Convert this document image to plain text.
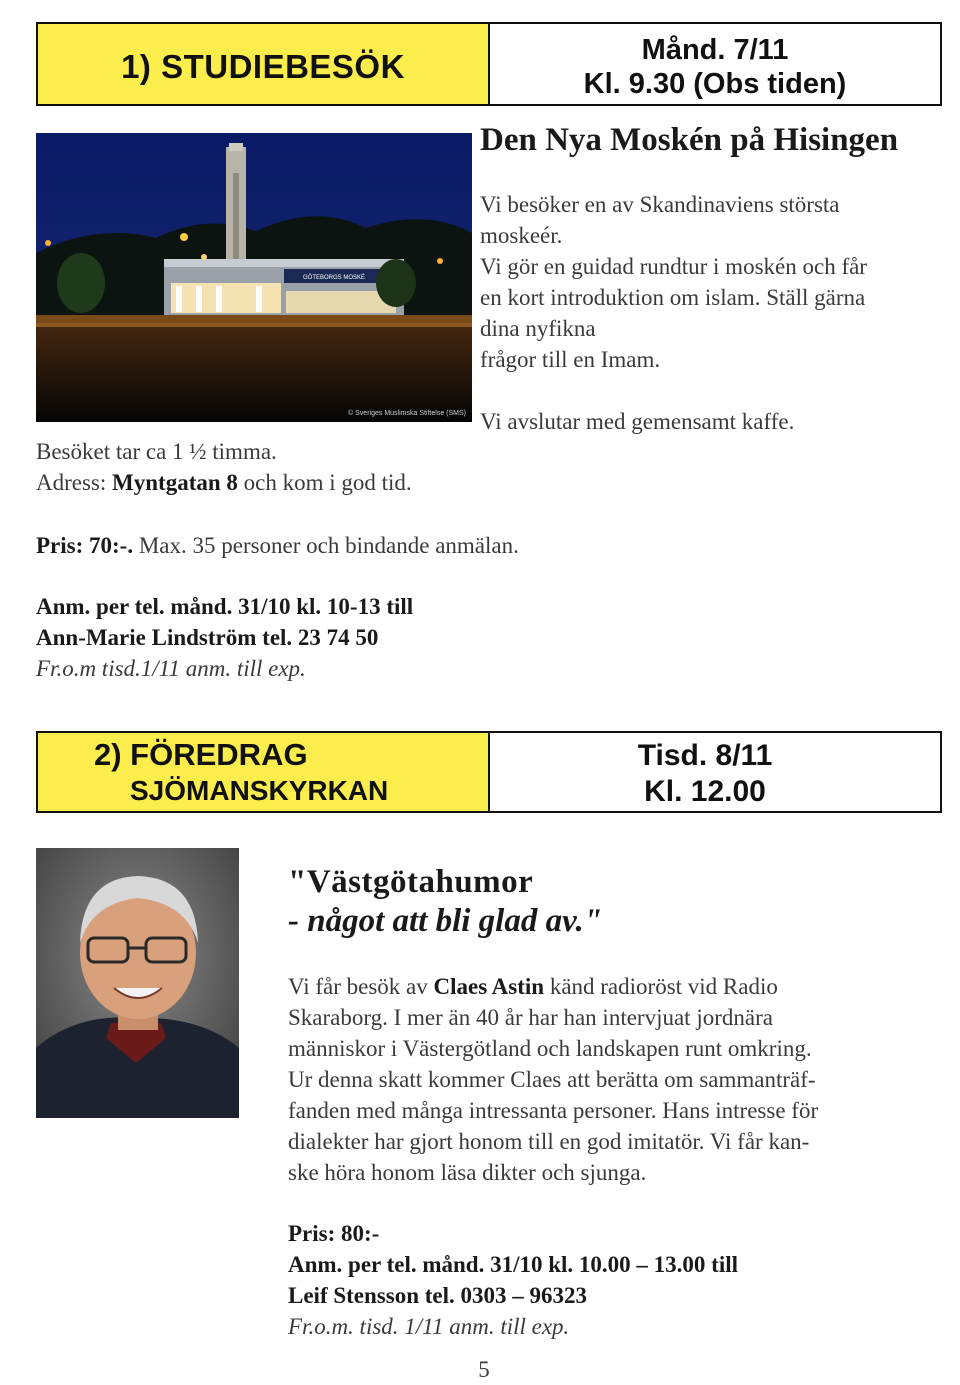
1) STUDIEBESÖK	Månd. 7/11
Kl. 9.30 (Obs tiden)
GÖTEBORGS MOSKÉ
© Sveriges Muslimska Stiftelse (SMS)
Den Nya Moskén på Hisingen
Vi besöker en av Skandinaviens största
moskeér.
Vi gör en guidad rundtur i moskén och får
en kort introduktion om islam. Ställ gärna
dina nyfikna
frågor till en Imam.
Vi avslutar med gemensamt kaffe.
Besöket tar ca 1 ½ timma.
Adress: Myntgatan 8 och kom i god tid.
Pris: 70:-. Max. 35 personer och bindande anmälan.
Anm. per tel. månd. 31/10 kl. 10-13 till
Ann-Marie Lindström tel. 23 74 50
Fr.o.m tisd.1/11 anm. till exp.
2) FÖREDRAG
SJÖMANSKYRKAN
Tisd. 8/11
Kl. 12.00
"Västgötahumor
- något att bli glad av."
Vi får besök av Claes Astin känd radioröst vid Radio
Skaraborg. I mer än 40 år har han intervjuat jordnära
människor i Västergötland och landskapen runt omkring.
Ur denna skatt kommer Claes att berätta om sammanträf-
fanden med många intressanta personer. Hans intresse för
dialekter har gjort honom till en god imitatör. Vi får kan-
ske höra honom läsa dikter och sjunga.
Pris: 80:-
Anm. per tel. månd. 31/10 kl. 10.00 – 13.00 till
Leif Stensson tel. 0303 – 96323
Fr.o.m. tisd. 1/11 anm. till exp.
5
